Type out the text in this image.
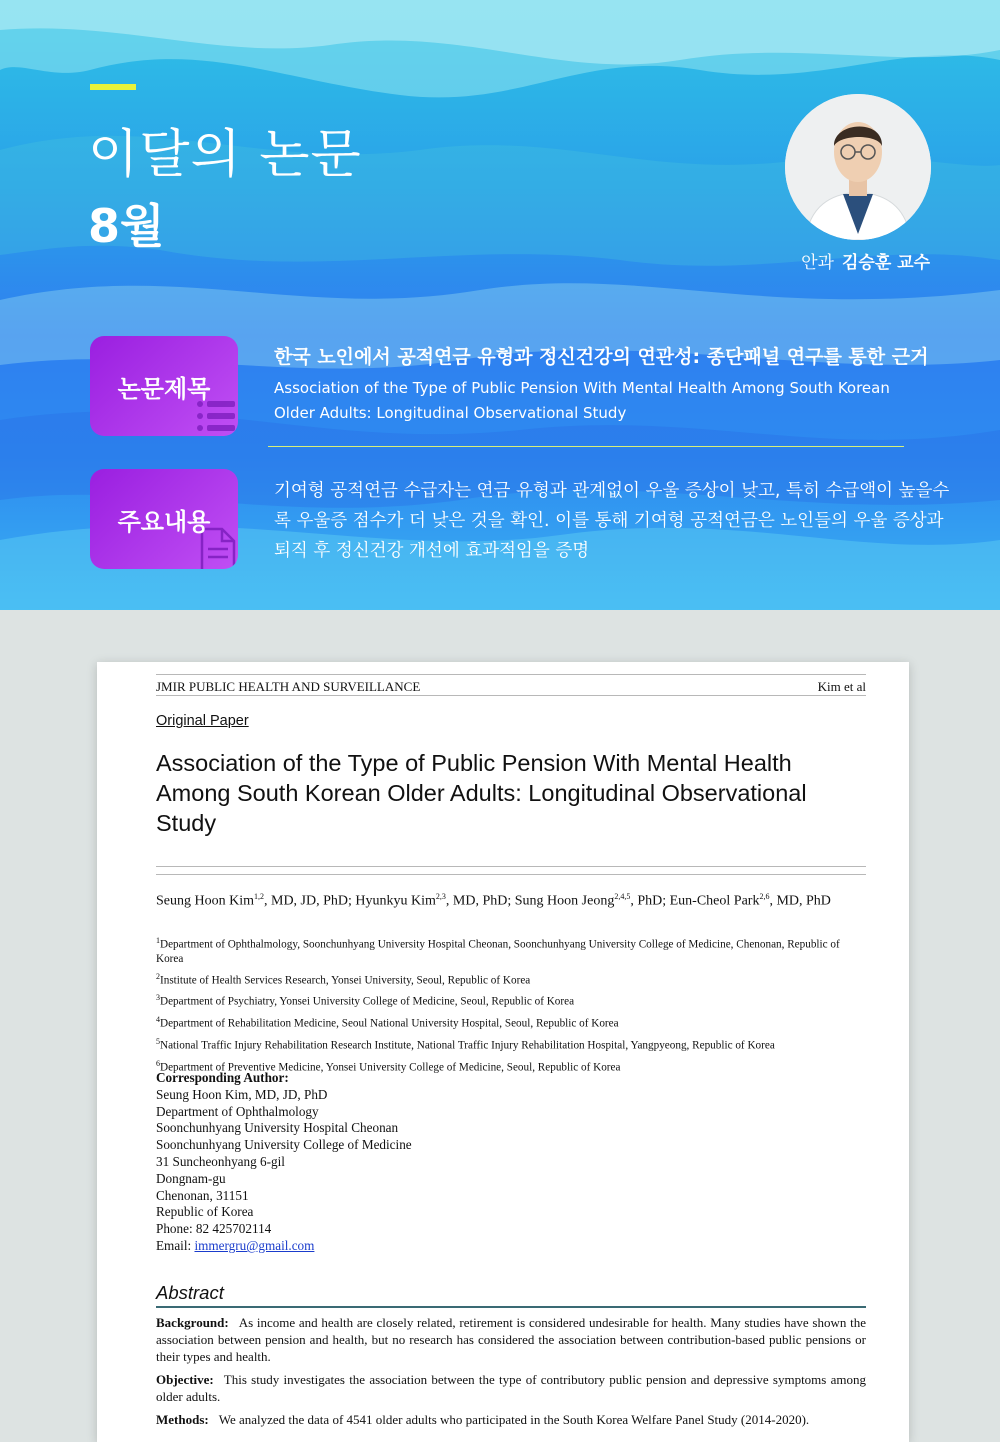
이달의 논문
8월
안과 김승훈 교수
논문제목
한국 노인에서 공적연금 유형과 정신건강의 연관성: 종단패널 연구를 통한 근거
Association of the Type of Public Pension With Mental Health Among South Korean Older Adults: Longitudinal Observational Study
주요내용
기여형 공적연금 수급자는 연금 유형과 관계없이 우울 증상이 낮고, 특히 수급액이 높을수록 우울증 점수가 더 낮은 것을 확인. 이를 통해 기여형 공적연금은 노인들의 우울 증상과 퇴직 후 정신건강 개선에 효과적임을 증명
JMIR PUBLIC HEALTH AND SURVEILLANCE	Kim et al
Original Paper
Association of the Type of Public Pension With Mental Health Among South Korean Older Adults: Longitudinal Observational Study
Seung Hoon Kim$^{1,2}$, MD, JD, PhD; Hyunkyu Kim$^{2,3}$, MD, PhD; Sung Hoon Jeong$^{2,4,5}$, PhD; Eun-Cheol Park$^{2,6}$, MD, PhD
$^1$Department of Ophthalmology, Soonchunhyang University Hospital Cheonan, Soonchunhyang University College of Medicine, Chenonan, Republic of Korea
$^2$Institute of Health Services Research, Yonsei University, Seoul, Republic of Korea
$^3$Department of Psychiatry, Yonsei University College of Medicine, Seoul, Republic of Korea
$^4$Department of Rehabilitation Medicine, Seoul National University Hospital, Seoul, Republic of Korea
$^5$National Traffic Injury Rehabilitation Research Institute, National Traffic Injury Rehabilitation Hospital, Yangpyeong, Republic of Korea
$^6$Department of Preventive Medicine, Yonsei University College of Medicine, Seoul, Republic of Korea
Corresponding Author:
Seung Hoon Kim, MD, JD, PhD
Department of Ophthalmology
Soonchunhyang University Hospital Cheonan
Soonchunhyang University College of Medicine
31 Suncheonhyang 6-gil
Dongnam-gu
Chenonan, 31151
Republic of Korea
Phone: 82 425702114
Email: immergru@gmail.com
Abstract

Background: As income and health are closely related, retirement is considered undesirable for health. Many studies have shown the association between pension and health, but no research has considered the association between contribution-based public pensions or their types and health.

Objective: This study investigates the association between the type of contributory public pension and depressive symptoms among older adults.

Methods: We analyzed the data of 4541 older adults who participated in the South Korea Welfare Panel Study (2014-2020).
